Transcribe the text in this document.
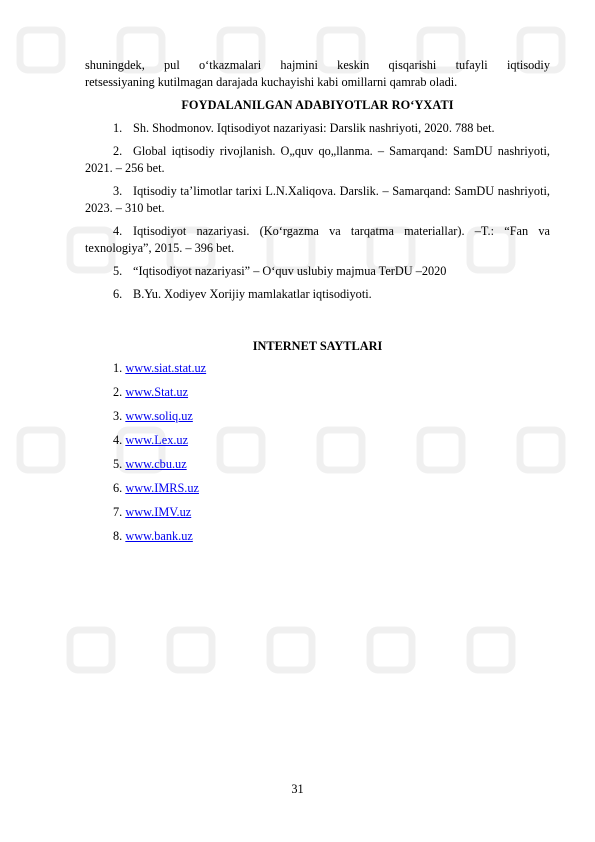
shuningdek, pul o‘tkazmalari hajmini keskin qisqarishi tufayli iqtisodiy
retsessiyaning kutilmagan darajada kuchayishi kabi omillarni qamrab oladi.

FOYDALANILGAN ADABIYOTLAR RO‘YXATI
1. Sh. Shodmonov. Iqtisodiyot nazariyasi: Darslik nashriyoti, 2020. 788 bet.
2. Global iqtisodiy rivojlanish. O„quv qo„llanma. – Samarqand: SamDU nashriyoti, 2021. – 256 bet.
3. Iqtisodiy ta’limotlar tarixi L.N.Xaliqova. Darslik. – Samarqand: SamDU nashriyoti, 2023. – 310 bet.
4. Iqtisodiyot nazariyasi. (Ko‘rgazma va tarqatma materiallar). –T.: “Fan va texnologiya”, 2015. – 396 bet.
5. “Iqtisodiyot nazariyasi” – O‘quv uslubiy majmua TerDU –2020
6. B.Yu. Xodiyev Xorijiy mamlakatlar iqtisodiyoti.
INTERNET SAYTLARI
1. www.siat.stat.uz
2. www.Stat.uz
3. www.soliq.uz
4. www.Lex.uz
5. www.cbu.uz
6. www.IMRS.uz
7. www.IMV.uz
8. www.bank.uz
31
